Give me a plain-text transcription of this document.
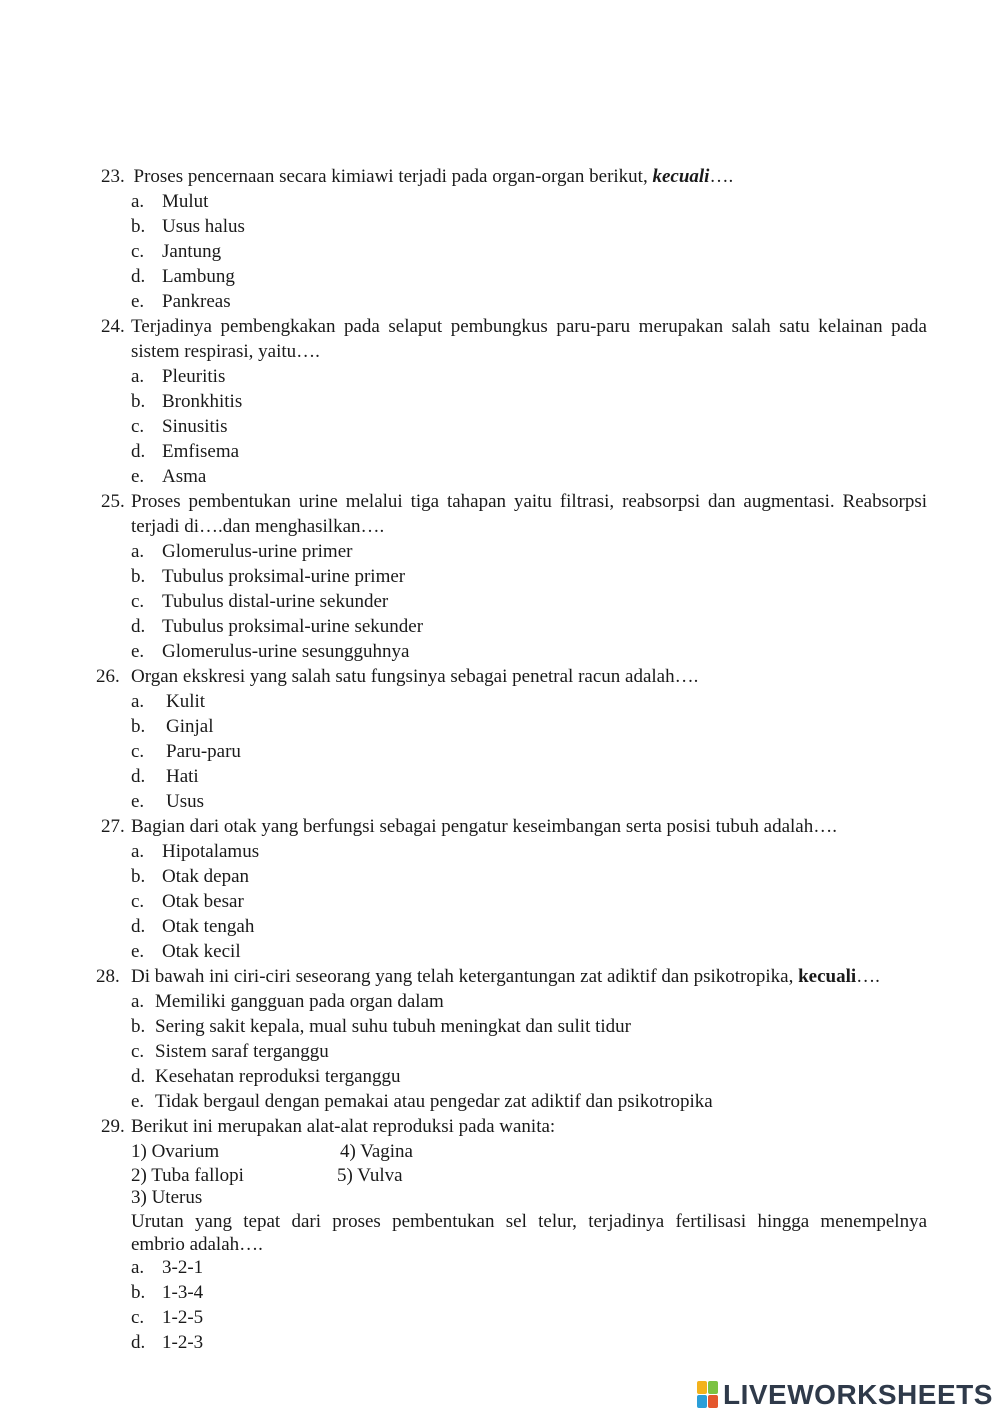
23. Proses pencernaan secara kimiawi terjadi pada organ-organ berikut, kecuali….
a. Mulut
b. Usus halus
c. Jantung
d. Lambung
e. Pankreas
24. Terjadinya pembengkakan pada selaput pembungkus paru-paru merupakan salah satu kelainan pada
sistem respirasi, yaitu….
a. Pleuritis
b. Bronkhitis
c. Sinusitis
d. Emfisema
e. Asma
25. Proses pembentukan urine melalui tiga tahapan yaitu filtrasi, reabsorpsi dan augmentasi. Reabsorpsi
terjadi di….dan menghasilkan….
a. Glomerulus-urine primer
b. Tubulus proksimal-urine primer
c. Tubulus distal-urine sekunder
d. Tubulus proksimal-urine sekunder
e. Glomerulus-urine sesungguhnya
26. Organ ekskresi yang salah satu fungsinya sebagai penetral racun adalah….
a. Kulit
b. Ginjal
c. Paru-paru
d. Hati
e. Usus
27. Bagian dari otak yang berfungsi sebagai pengatur keseimbangan serta posisi tubuh adalah….
a. Hipotalamus
b. Otak depan
c. Otak besar
d. Otak tengah
e. Otak kecil
28. Di bawah ini ciri-ciri seseorang yang telah ketergantungan zat adiktif dan psikotropika, kecuali….
a. Memiliki gangguan pada organ dalam
b. Sering sakit kepala, mual suhu tubuh meningkat dan sulit tidur
c. Sistem saraf terganggu
d. Kesehatan reproduksi terganggu
e. Tidak bergaul dengan pemakai atau pengedar zat adiktif dan psikotropika
29. Berikut ini merupakan alat-alat reproduksi pada wanita:
1) Ovarium	4) Vagina
2) Tuba fallopi	5) Vulva
3) Uterus
Urutan yang tepat dari proses pembentukan sel telur, terjadinya fertilisasi hingga menempelnya
embrio adalah….
a. 3-2-1
b. 1-3-4
c. 1-2-5
d. 1-2-3
LIVEWORKSHEETS
